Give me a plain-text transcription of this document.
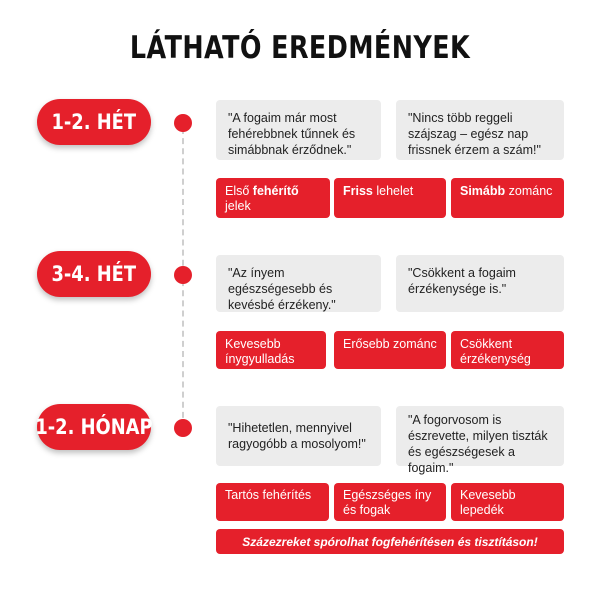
LÁTHATÓ EREDMÉNYEK
1-2. HÉT	"A fogaim már most fehérebbnek tűnnek és simábbnak érződnek."
"Nincs több reggeli szájszag – egész nap frissnek érzem a szám!"
Első fehérítő jelek
Friss lehelet	Simább zománc
3-4. HÉT	"Az ínyem egészségesebb és kevésbé érzékeny."
"Csökkent a fogaim érzékenysége is."
Kevesebb ínygyulladás
Erősebb zománc	Csökkent érzékenység
1-2. HÓNAP	"Hihetetlen, mennyivel ragyogóbb a mosolyom!"
"A fogorvosom is észrevette, milyen tiszták és egészségesek a fogaim."
Tartós fehérítés	Egészséges íny és fogak
Kevesebb lepedék
Százezreket spórolhat fogfehérítésen és tisztításon!
